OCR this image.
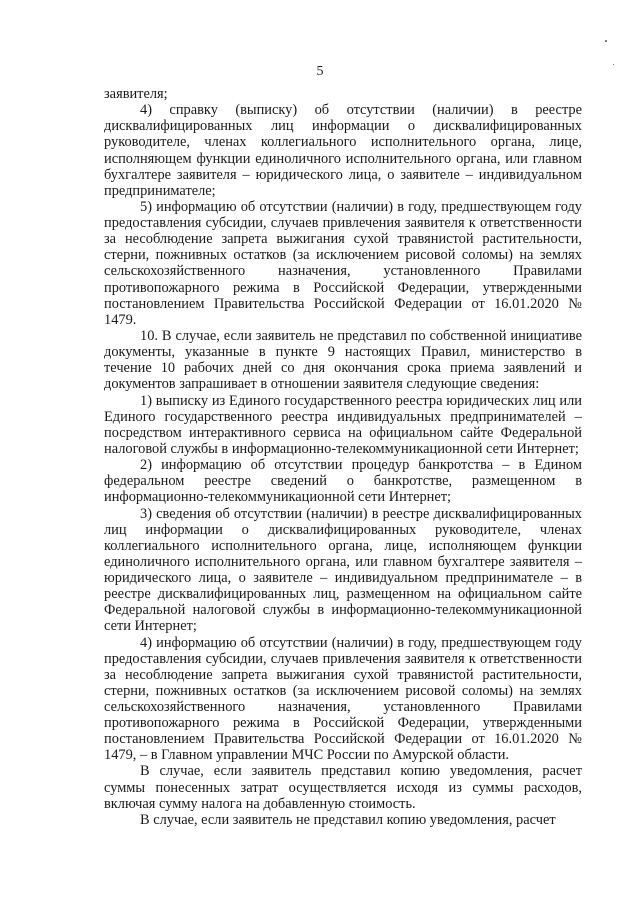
5

заявителя;

4) справку (выписку) об отсутствии (наличии) в реестре дисквалифицированных лиц информации о дисквалифицированных руководителе, членах коллегиального исполнительного органа, лице, исполняющем функции единоличного исполнительного органа, или главном бухгалтере заявителя – юридического лица, о заявителе – индивидуальном предпринимателе;

5) информацию об отсутствии (наличии) в году, предшествующем году предоставления субсидии, случаев привлечения заявителя к ответственности за несоблюдение запрета выжигания сухой травянистой растительности, стерни, пожнивных остатков (за исключением рисовой соломы) на землях сельскохозяйственного назначения, установленного Правилами противопожарного режима в Российской Федерации, утвержденными постановлением Правительства Российской Федерации от 16.01.2020 № 1479.

10. В случае, если заявитель не представил по собственной инициативе документы, указанные в пункте 9 настоящих Правил, министерство в течение 10 рабочих дней со дня окончания срока приема заявлений и документов запрашивает в отношении заявителя следующие сведения:

1) выписку из Единого государственного реестра юридических лиц или Единого государственного реестра индивидуальных предпринимателей – посредством интерактивного сервиса на официальном сайте Федеральной налоговой службы в информационно-телекоммуникационной сети Интернет;

2) информацию об отсутствии процедур банкротства – в Едином федеральном реестре сведений о банкротстве, размещенном в информационно-телекоммуникационной сети Интернет;

3) сведения об отсутствии (наличии) в реестре дисквалифицированных лиц информации о дисквалифицированных руководителе, членах коллегиального исполнительного органа, лице, исполняющем функции единоличного исполнительного органа, или главном бухгалтере заявителя – юридического лица, о заявителе – индивидуальном предпринимателе – в реестре дисквалифицированных лиц, размещенном на официальном сайте Федеральной налоговой службы в информационно-телекоммуникационной сети Интернет;

4) информацию об отсутствии (наличии) в году, предшествующем году предоставления субсидии, случаев привлечения заявителя к ответственности за несоблюдение запрета выжигания сухой травянистой растительности, стерни, пожнивных остатков (за исключением рисовой соломы) на землях сельскохозяйственного назначения, установленного Правилами противопожарного режима в Российской Федерации, утвержденными постановлением Правительства Российской Федерации от 16.01.2020 № 1479, – в Главном управлении МЧС России по Амурской области.

В случае, если заявитель представил копию уведомления, расчет суммы понесенных затрат осуществляется исходя из суммы расходов, включая сумму налога на добавленную стоимость.

В случае, если заявитель не представил копию уведомления, расчет
